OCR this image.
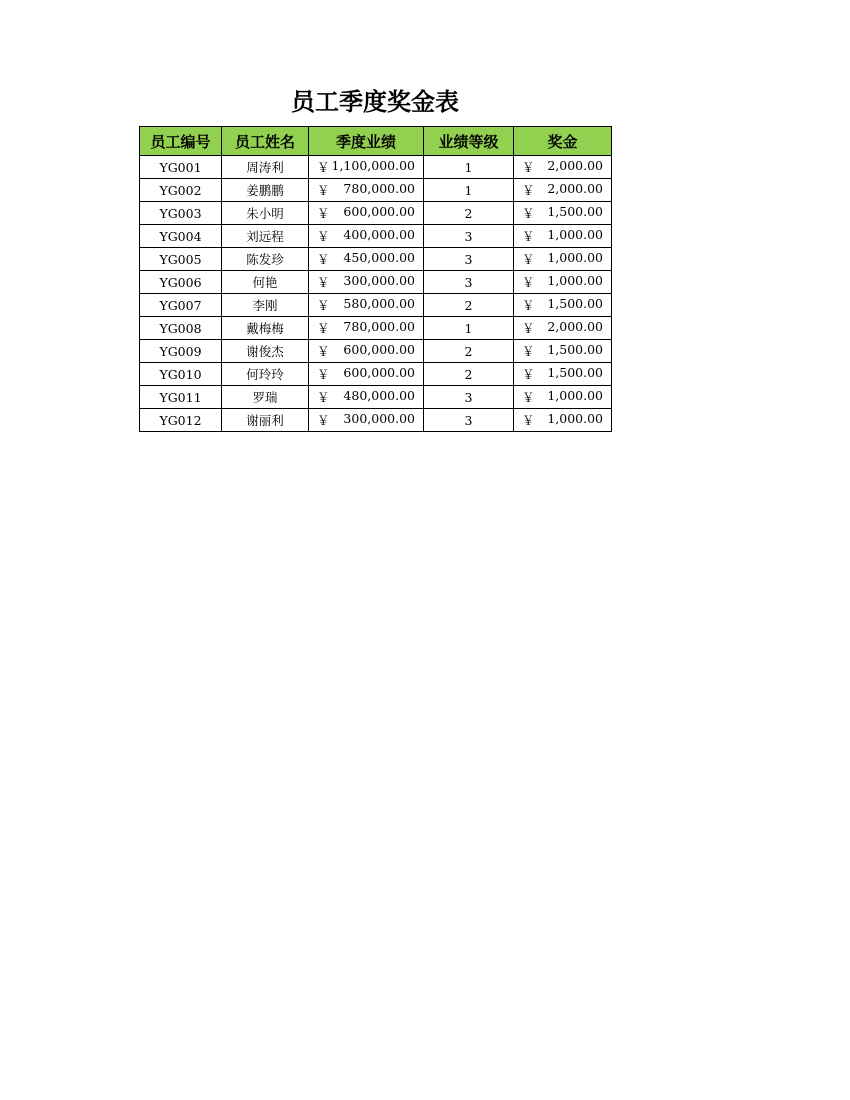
员工季度奖金表
员工编号	员工姓名	季度业绩	业绩等级	奖金
YG001	周涛利	￥ 1,100,000.00	1	￥ 2,000.00

YG002	姜鹏鹏	￥ 780,000.00	1	￥ 2,000.00

YG003	朱小明	￥ 600,000.00	2	￥ 1,500.00

YG004	刘远程	￥ 400,000.00	3	￥ 1,000.00

YG005	陈发珍	￥ 450,000.00	3	￥ 1,000.00

YG006	何艳	￥ 300,000.00	3	￥ 1,000.00

YG007	李刚	￥ 580,000.00	2	￥ 1,500.00

YG008	戴梅梅	￥ 780,000.00	1	￥ 2,000.00

YG009	谢俊杰	￥ 600,000.00	2	￥ 1,500.00

YG010	何玲玲	￥ 600,000.00	2	￥ 1,500.00

YG011	罗瑞	￥ 480,000.00	3	￥ 1,000.00

YG012	谢丽利	￥ 300,000.00	3	￥ 1,000.00
